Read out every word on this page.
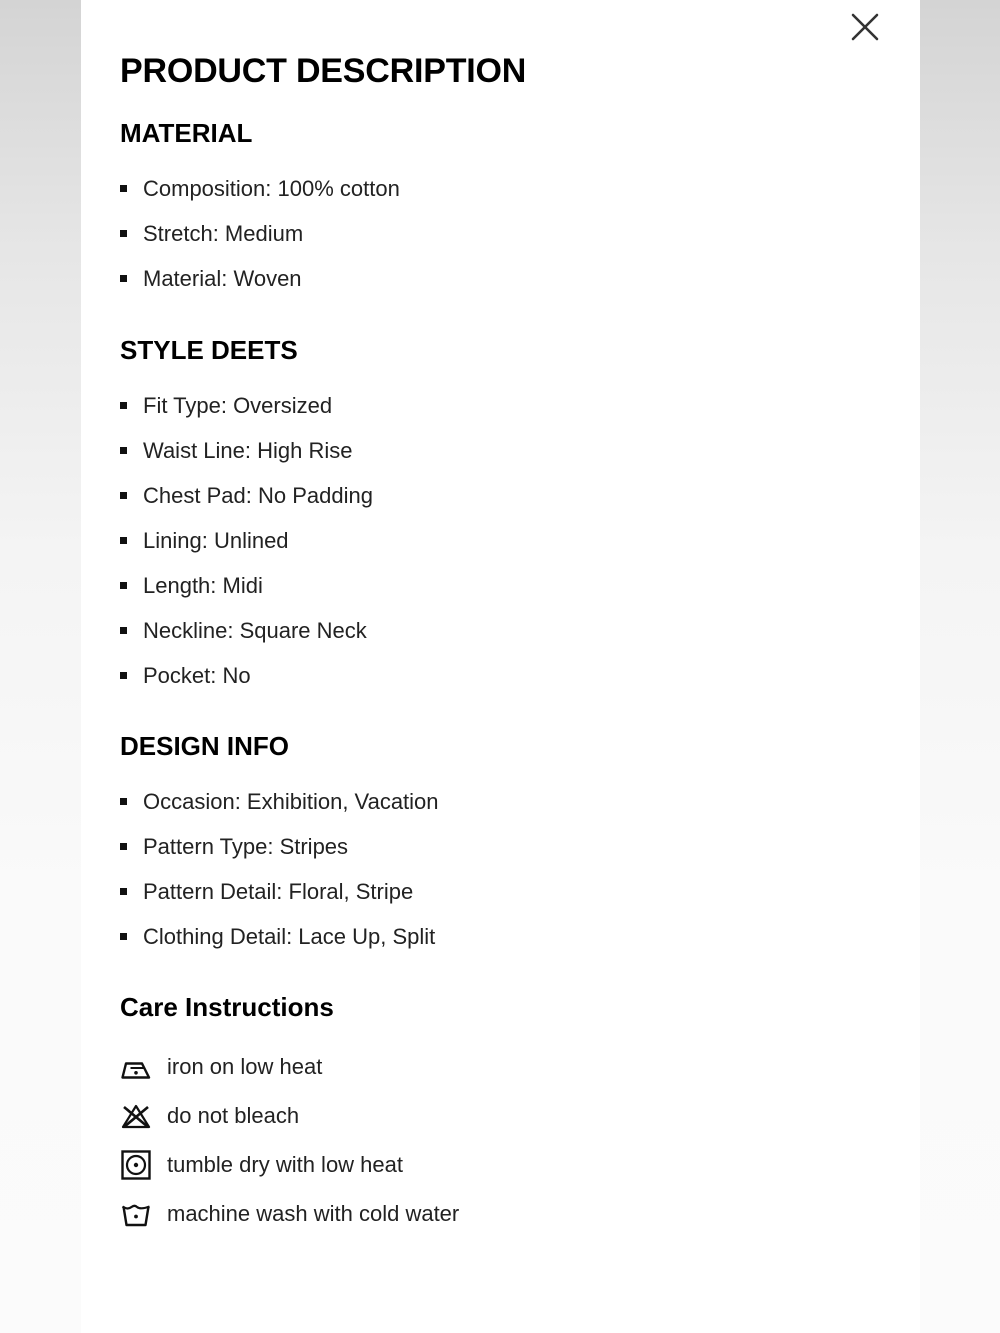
PRODUCT DESCRIPTION
MATERIAL
Composition: 100% cotton
Stretch: Medium
Material: Woven
STYLE DEETS
Fit Type: Oversized
Waist Line: High Rise
Chest Pad: No Padding
Lining: Unlined
Length: Midi
Neckline: Square Neck
Pocket: No
DESIGN INFO
Occasion: Exhibition, Vacation
Pattern Type: Stripes
Pattern Detail: Floral, Stripe
Clothing Detail: Lace Up, Split
Care Instructions
iron on low heat
do not bleach
tumble dry with low heat
machine wash with cold water
